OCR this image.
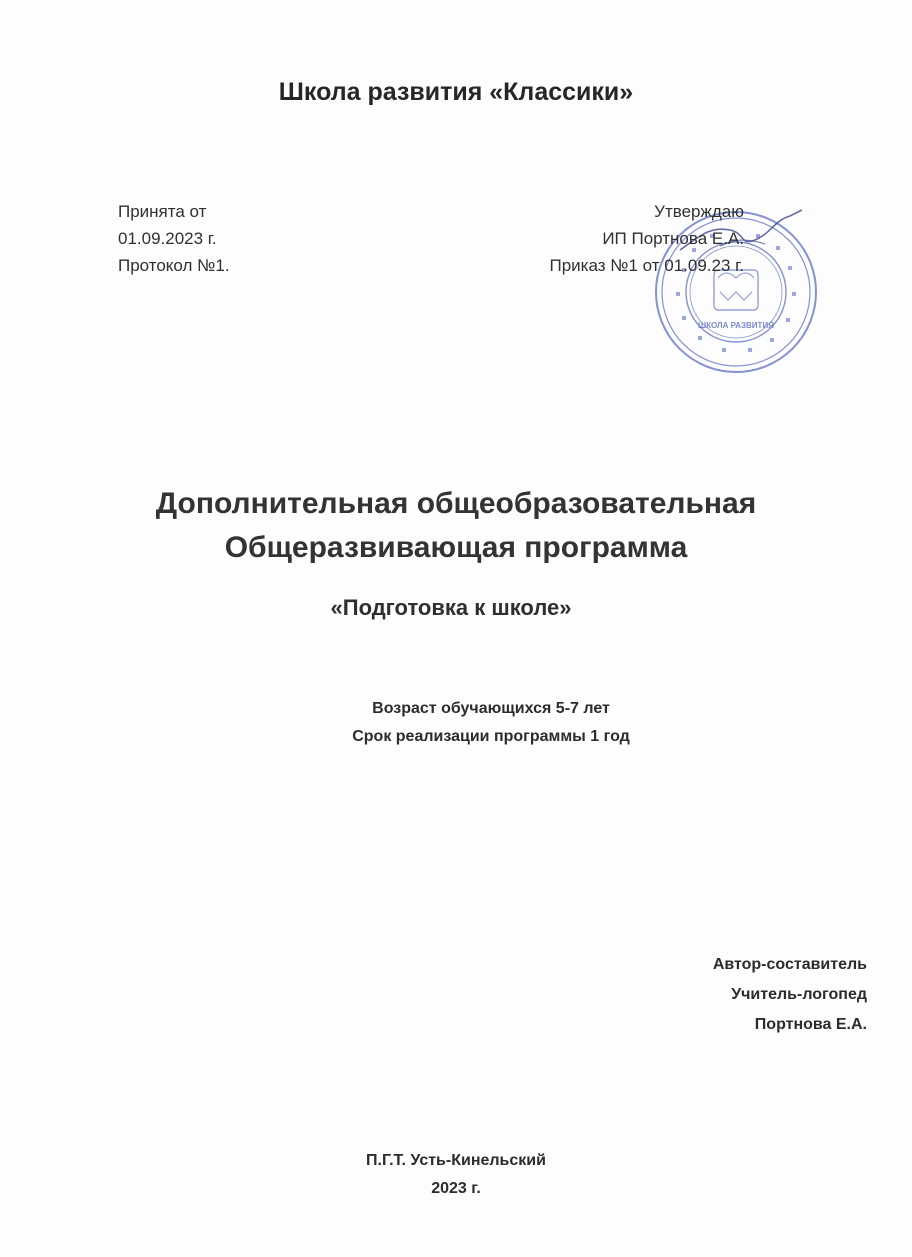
Школа развития «Классики»
Принята от
01.09.2023 г.
Протокол №1.
ШКОЛА РАЗВИТИЯ
Утверждаю
ИП Портнова Е.А.
Приказ №1 от 01.09.23 г.
Дополнительная общеобразовательная
Общеразвивающая программа
«Подготовка к школе»
Возраст обучающихся 5-7 лет
Срок реализации программы 1 год
Автор-составитель
Учитель-логопед
Портнова Е.А.
П.Г.Т. Усть-Кинельский
2023 г.
